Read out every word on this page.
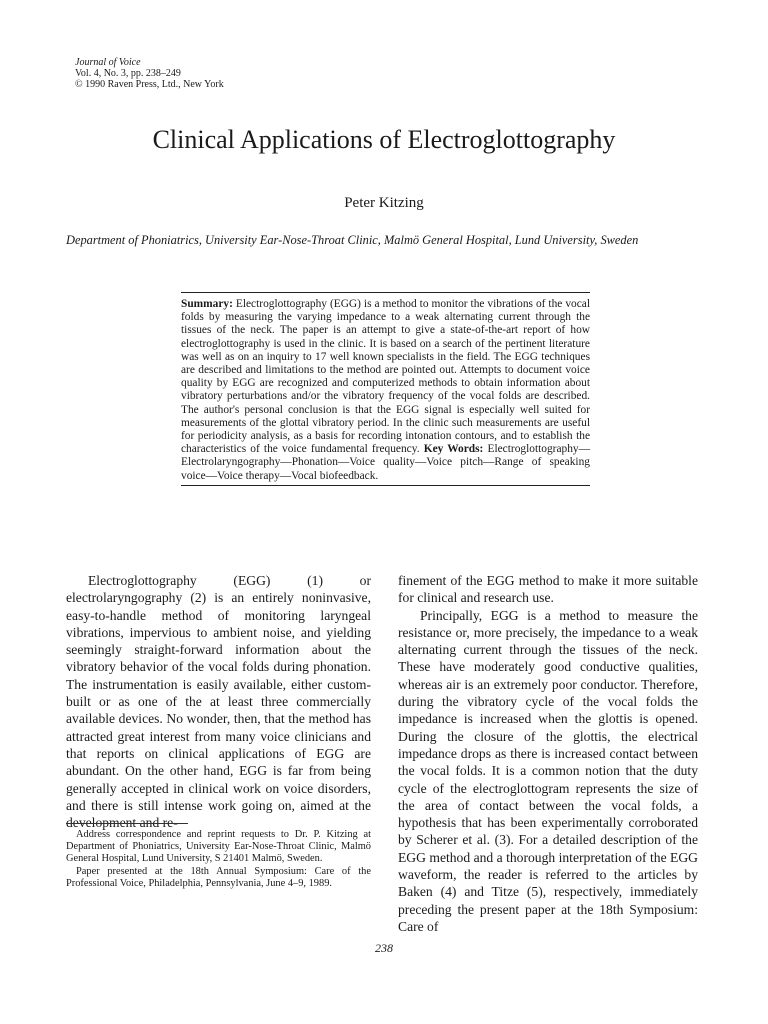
Journal of Voice
Vol. 4, No. 3, pp. 238–249
© 1990 Raven Press, Ltd., New York
Clinical Applications of Electroglottography
Peter Kitzing
Department of Phoniatrics, University Ear-Nose-Throat Clinic, Malmö General Hospital, Lund University, Sweden
Summary: Electroglottography (EGG) is a method to monitor the vibrations of the vocal folds by measuring the varying impedance to a weak alternating current through the tissues of the neck. The paper is an attempt to give a state-of-the-art report of how electroglottography is used in the clinic. It is based on a search of the pertinent literature was well as on an inquiry to 17 well known specialists in the field. The EGG techniques are described and limitations to the method are pointed out. Attempts to document voice quality by EGG are recognized and computerized methods to obtain information about vibratory perturbations and/or the vibratory frequency of the vocal folds are described. The author's personal conclusion is that the EGG signal is especially well suited for measurements of the glottal vibratory period. In the clinic such measurements are useful for periodicity analysis, as a basis for recording intonation contours, and to establish the characteristics of the voice fundamental frequency. Key Words: Electroglottography—Electrolaryngography—Phonation—Voice quality—Voice pitch—Range of speaking voice—Voice therapy—Vocal biofeedback.

Electroglottography (EGG) (1) or electrolaryngography (2) is an entirely noninvasive, easy-to-handle method of monitoring laryngeal vibrations, impervious to ambient noise, and yielding seemingly straight-forward information about the vibratory behavior of the vocal folds during phonation. The instrumentation is easily available, either custom-built or as one of the at least three commercially available devices. No wonder, then, that the method has attracted great interest from many voice clinicians and that reports on clinical applications of EGG are abundant. On the other hand, EGG is far from being generally accepted in clinical work on voice disorders, and there is still intense work going on, aimed at the development and re-

finement of the EGG method to make it more suitable for clinical and research use.

Principally, EGG is a method to measure the resistance or, more precisely, the impedance to a weak alternating current through the tissues of the neck. These have moderately good conductive qualities, whereas air is an extremely poor conductor. Therefore, during the vibratory cycle of the vocal folds the impedance is increased when the glottis is opened. During the closure of the glottis, the electrical impedance drops as there is increased contact between the vocal folds. It is a common notion that the duty cycle of the electroglottogram represents the size of the area of contact between the vocal folds, a hypothesis that has been experimentally corroborated by Scherer et al. (3). For a detailed description of the EGG method and a thorough interpretation of the EGG waveform, the reader is referred to the articles by Baken (4) and Titze (5), respectively, immediately preceding the present paper at the 18th Symposium: Care of

Address correspondence and reprint requests to Dr. P. Kitzing at Department of Phoniatrics, University Ear-Nose-Throat Clinic, Malmö General Hospital, Lund University, S 21401 Malmö, Sweden.

Paper presented at the 18th Annual Symposium: Care of the Professional Voice, Philadelphia, Pennsylvania, June 4–9, 1989.

238
